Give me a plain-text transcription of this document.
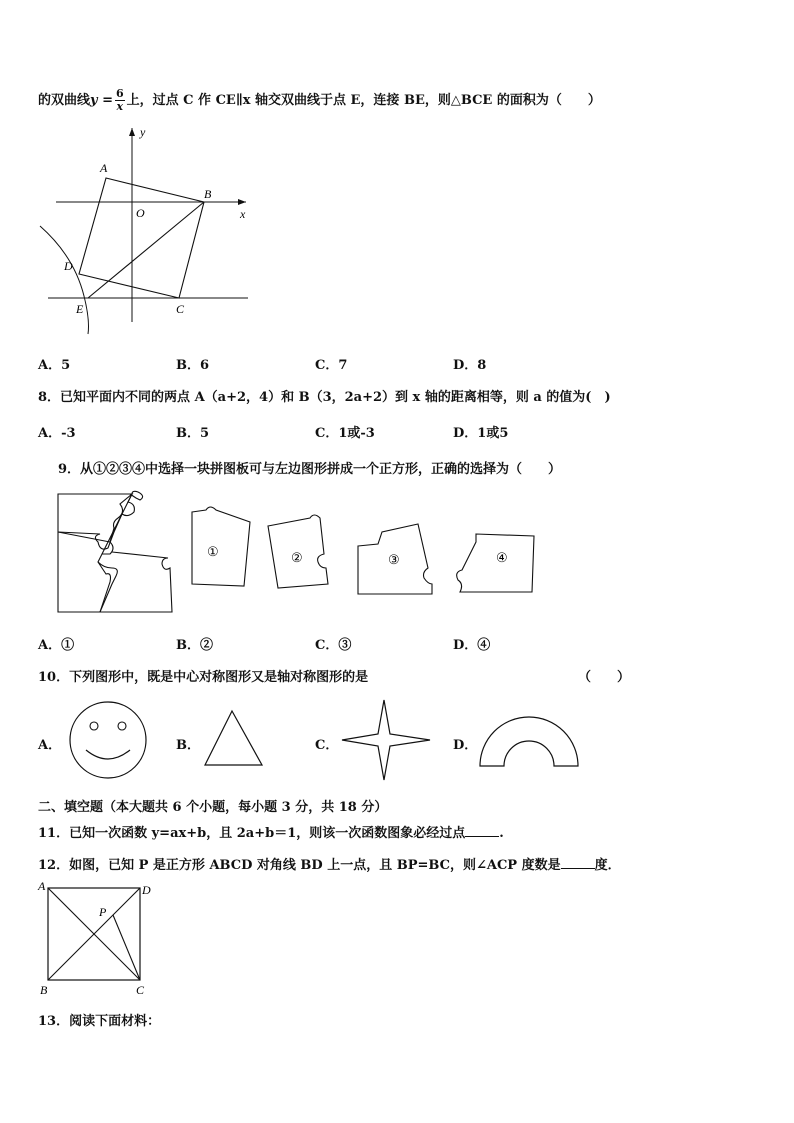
的双曲线$y = \frac{6}{x}$ 上，过点 C 作 CE∥x 轴交双曲线于点 E，连接 BE，则△BCE 的面积为（　　）
A
B
C
D
E
O	x
y
A．5	B．6	C．7	D．8
8．已知平面内不同的两点 A（a+2，4）和 B（3，2a+2）到 x 轴的距离相等，则 a 的值为(　)
A．-3	B．5	C．1或-3	D．1或5
9．从①②③④中选择一块拼图板可与左边图形拼成一个正方形，正确的选择为（　　）
①	②	③	④
A．①	B．②	C．③	D．④
10．下列图形中，既是中心对称图形又是轴对称图形的是	（　　）
A．	B．	C．	D．
二、填空题（本大题共 6 个小题，每小题 3 分，共 18 分）
11．已知一次函数 y=ax+b，且 2a+b＝1，则该一次函数图象必经过点	.
12．如图，已知 P 是正方形 ABCD 对角线 BD 上一点，且 BP=BC，则∠ACP 度数是	度．
A	D
B	C
P
13．阅读下面材料：
